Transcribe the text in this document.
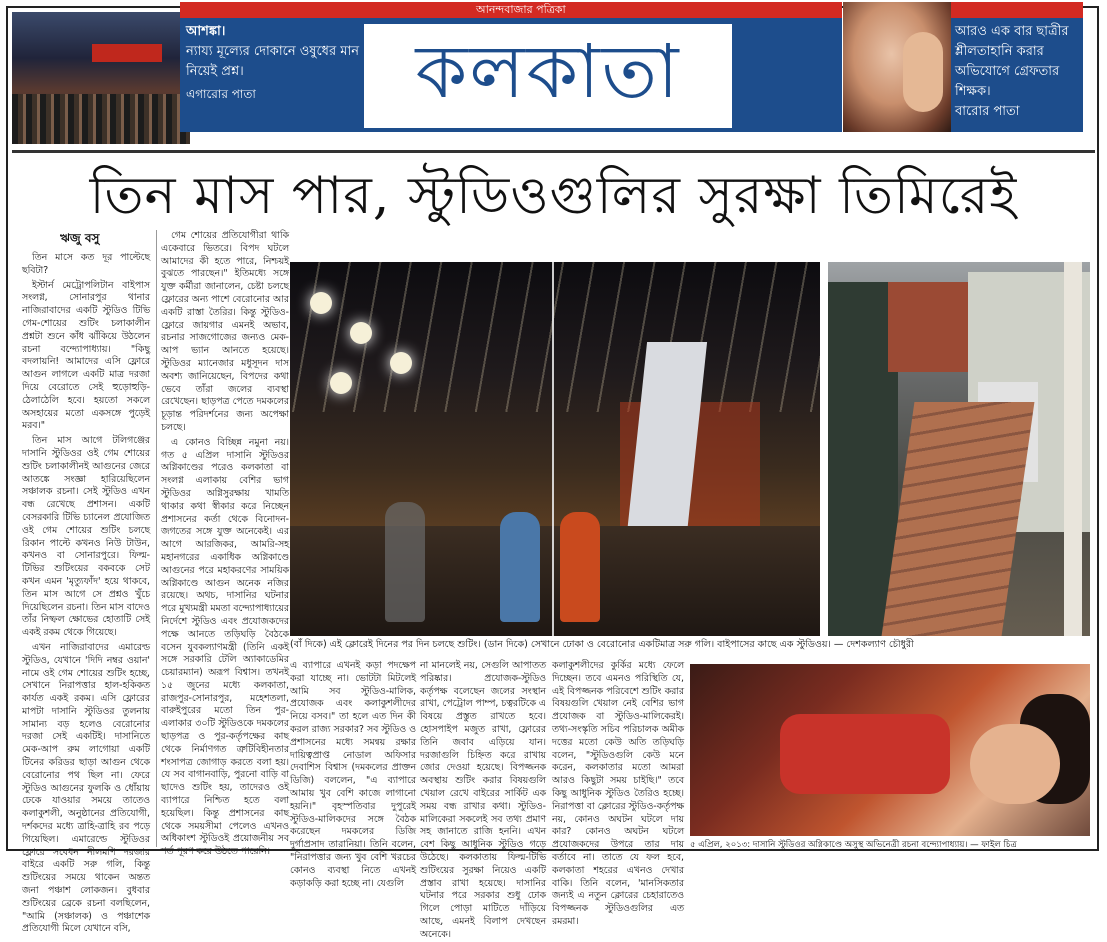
আনন্দবাজার পত্রিকা
আশঙ্কা।
ন্যায্য মূল্যের দোকানে ওষুধের মান নিয়েই প্রশ্ন।
এগারোর পাতা	কলকাতা
শনিবার ৬ জুলাই ২০১৩	XXCE
আরও এক বার ছাত্রীর শ্লীলতাহানি করার অভিযোগে গ্রেফতার শিক্ষক।
বারোর পাতা
তিন মাস পার, স্টুডিওগুলির সুরক্ষা তিমিরেই
ঋজু বসু

তিন মাসে কত দূর পাল্টেছে ছবিটা?

ইস্টার্ন মেট্রোপলিটান বাইপাস সংলগ্ন, সোনারপুর থানার নাজিরাবাদের একটি স্টুডিও টিভি গেম-শোয়ের শুটিং চলাকালীন প্রশ্নটা শুনে কাঁধ ঝাঁকিয়ে উঠলেন রচনা বন্দ্যোপাধ্যায়। "কিছু বদলায়নি! আমাদের এসি ফ্লোরে আগুন লাগলে একটি মাত্র দরজা দিয়ে বেরোতে সেই হুড়োহুড়ি-ঠেলাঠেলি হবে। হয়তো সকলে অসহায়ের মতো একসঙ্গে পুড়েই মরব।"

তিন মাস আগে টলিগঞ্জের দাসানি স্টুডিওর ওই গেম শোয়ের শুটিং চলাকালীনই আগুনের জেরে আতঙ্কে সংজ্ঞা হারিয়েছিলেন সঞ্চালক রচনা। সেই স্টুডিও এখন বন্ধ রেখেছে প্রশাসন। একটি বেসরকারি টিভি চ্যানেল প্রযোজিত ওই গেম শোয়ের শুটিং চলছে রিকান পাল্টে কখনও নিউ টাউন, কখনও বা সোনারপুরে। ফিল্ম-টিভির শুটিংয়ের বকবকে সেট কখন এমন 'মৃত্যুফাঁদ' হয়ে থাকবে, তিন মাস আগে সে প্রশ্নও খুঁচে দিয়েছিলেন রচনা। তিন মাস বাদেও তাঁর নিষ্ফল ক্ষোভের হোতাটি সেই একই রকম থেকে গিয়েছে।

এখন নাজিরাবাদের এমারেল্ড স্টুডিও, যেখানে 'দিদি নম্বর ওয়ান' নামে ওই গেম শোয়ের শুটিং হচ্ছে, সেখানে নিরাপত্তার হাল-হকিকত কার্যত একই রকম। এসি ফ্লোরের মাপটা দাসানি স্টুডিওর তুলনায় সামান্য বড় হলেও বেরোনোর দরজা সেই একটিই। দাসানিতে মেক-আপ রুম লাগোয়া একটি টিনের করিডর ছাড়া আগুন থেকে বেরোনোর পথ ছিল না। ফেরে স্টুডিও আগুনের ফুলকি ও ধোঁয়ায় ঢেকে যাওয়ার সময়ে তাতেও কলাকুশলী, অনুষ্ঠানের প্রতিযোগী, দর্শকদের মধ্যে ত্রাহি-ত্রাহি রব পড়ে গিয়েছিল। এমারেল্ডে স্টুডিওর ফ্লোরে সবেধন নীলমণি দরজার বাইরে একটি সরু গলি, কিন্তু শুটিংয়ের সময়ে থাকেন অন্তত জনা পঞ্চাশ লোকজন। বুধবার শুটিংয়ের ব্রেকে রচনা বলছিলেন, "আমি (সঞ্চালক) ও পঞ্চাশেক প্রতিযোগী মিলে যেখানে বসি,

গেম শোয়ের প্রতিযোগীরা থাকি একেবারে ভিতরে। বিপদ ঘটলে আমাদের কী হতে পারে, নিশ্চয়ই বুঝতে পারছেন।" ইতিমধ্যে সঙ্গে যুক্ত কর্মীরা জানালেন, চেষ্টা চলছে ফ্লোরের অন্য পাশে বেরোনোর আর একটি রাস্তা তৈরির। কিন্তু স্টুডিও-ফ্লোরে জায়গার এমনই অভাব, রচনার সাজগোজের জন্যও মেক-আপ ভ্যান আনতে হয়েছে। স্টুডিওর ম্যানেজার মধুসূদন দাস অবশ্য জানিয়েছেন, বিপদের কথা ভেবে তাঁরা জলের ব্যবস্থা রেখেছেন। ছাড়পত্র পেতে দমকলের চূড়ান্ত পরিদর্শনের জন্য অপেক্ষা চলছে।

এ কোনও বিচ্ছিন্ন নমুনা নয়। গত ৫ এপ্রিল দাসানি স্টুডিওর অগ্নিকাণ্ডের পরেও কলকাতা বা সংলগ্ন এলাকায় বেশির ভাগ স্টুডিওর অগ্নিসুরক্ষায় খামতি থাকার কথা স্বীকার করে নিচ্ছেন প্রশাসনের কর্তা থেকে বিনোদন-জগতের সঙ্গে যুক্ত অনেকেই। এর আগে আরজিকর, আমরি-সহ মহানগরের একাধিক অগ্নিকাণ্ডে আগুনের পরে মহাকরণের সাময়িক অগ্নিকাণ্ডে আগুন অনেক নজির রয়েছে। অথচ, দাসানির ঘটনার পরে মুখ্যমন্ত্রী মমতা বন্দ্যোপাধ্যায়ের নির্দেশে স্টুডিও এবং প্রযোজকদের পক্ষে আনতে তড়িঘড়ি বৈঠকে বসেন যুবকল্যাণমন্ত্রী (তিনি একই সঙ্গে সরকারি টেলি অ্যাকাডেমির চেয়ারম্যান) অরূপ বিশ্বাস। তখনই ১৫ জুনের মধ্যে কলকাতা, রাজপুর-সোনারপুর, মহেশতলা, বারুইপুরের মতো তিন পুর-এলাকার ৩০টি স্টুডিওকে দমকলের ছাড়পত্র ও পুর-কর্তৃপক্ষের কাছ থেকে নির্মাণগত ত্রুটিবিহীনতার শংসাপত্র জোগাড় করতে বলা হয়। যে সব বাগানবাড়ি, পুরনো বাড়ি বা ছাদেও শুটিং হয়, তাদেরও ওই ব্যাপারে নিশ্চিত হতে বলা হয়েছিল। কিন্তু প্রশাসনের কাছ থেকে সময়সীমা পেলেও এখনও অধিকাংশ স্টুডিওই প্রয়োজনীয় সব শর্ত পূরণ করে উঠতে পারেনি।

(বাঁ দিকে) এই ক্লোরেই দিনের পর দিন চলছে শুটিং। (ডান দিকে) সেখানে ঢোকা ও বেরোনোর একটিমাত্র সরু গলি। বাইপাসের কাছে এক স্টুডিওয়। — দেশকল্যাণ চৌধুরী
এ ব্যাপারে এখনই কড়া পদক্ষেপ করা যাচ্ছে না। ভোটটা মিটলেই আমি সব স্টুডিও-মালিক, প্রযোজক এবং কলাকুশলীদের নিয়ে বসব।" তা হলে এত দিন কী করল রাজ্য সরকার? সব স্টুডিও ও প্রশাসনের মধ্যে সমন্বয় রক্ষার দায়িত্বপ্রাপ্ত নোডাল অফিসার দেবাশিস বিশ্বাস (দমকলের প্রাক্তন ডিজি) বললেন, "এ ব্যাপারে আমায় খুব বেশি কাজে লাগানো হয়নি।" বৃহস্পতিবার দুপুরেই স্টুডিও-মালিকদের সঙ্গে বৈঠক করেছেন দমকলের ডিজি দুর্গাপ্রসাদ তারানিয়া। তিনি বলেন, "নিরাপত্তার জন্য খুব বেশি খরচের কোনও ব্যবস্থা নিতে এখনই কড়াকড়ি করা হচ্ছে না। যেগুলি
না মানলেই নয়, সেগুলি আপাতত পরিষ্কার। প্রযোজক-স্টুডিও কর্তৃপক্ষ বলেছেন জলের সংস্থান রাখা, পেট্রোল পাম্প, চত্বরটিকে এ বিষয়ে প্রস্তুত রাখতে হবে। হোসপাইপ মজুত রাখা, ফ্লোরের তিনি জবাব এড়িয়ে যান। দরজাগুলি চিহ্নিত করে রাখায় জোর দেওয়া হয়েছে। বিপজ্জনক অবস্থায় শুটিং করার বিষয়গুলি খেয়াল রেখে বাইরের সার্কিট এক সময় বন্ধ রাখার কথা। স্টুডিও-মালিকেরা সকলেই সব তথ্য প্রমাণ সহ জানাতে রাজি হননি। এখন বেশ কিছু আধুনিক স্টুডিও গড়ে উঠেছে। কলকাতায় ফিল্ম-টিভি শুটিংয়ের সুরক্ষা নিয়েও একটি প্রস্তাব রাখা হয়েছে। দাসানির ঘটনার পরে সরকার শুধু ঢোক গিলে পোড়া মাটিতে দাঁড়িয়ে আছে, এমনই বিলাপ দেখছেন অনেকে।
কলাকুশলীদের কুর্কির মধ্যে ফেলে দিচ্ছেন। তবে এমনও পরিস্থিতি যে, এই বিপজ্জনক পরিবেশে শুটিং করার বিষয়গুলি খেয়াল নেই বেশির ভাগ প্রযোজক বা স্টুডিও-মালিকেরই। তথ্য-সংস্কৃতি সচিব পরিচালক অমীক দত্তের মতো কেউ অতি তড়িঘড়ি বলেন, "স্টুডিওগুলি কেউ মনে করেন, কলকাতার মতো আমরা আরও কিছুটা সময় চাইছি।" তবে কিছু আধুনিক স্টুডিও তৈরিও হচ্ছে। নিরাপত্তা বা ক্লোরের স্টুডিও-কর্তৃপক্ষ নয়, কোনও অঘটন ঘটলে দায় কার? কোনও অঘটন ঘটলে প্রযোজকদের উপরে তার দায় বর্তাবে না। তাতে যে ফল হবে, কলকাতা শহরের এখনও দেখার বাকি। তিনি বলেন, 'মানসিকতার জন্যই এ নতুন ক্লোরের চেহারাতেও বিপজ্জনক স্টুডিওগুলির এত রমরমা।
৫ এপ্রিল, ২০১৩: দাসানি স্টুডিওর অগ্নিকাণ্ডে অসুস্থ অভিনেত্রী রচনা বন্দ্যোপাধ্যায়। — ফাইল চিত্র
